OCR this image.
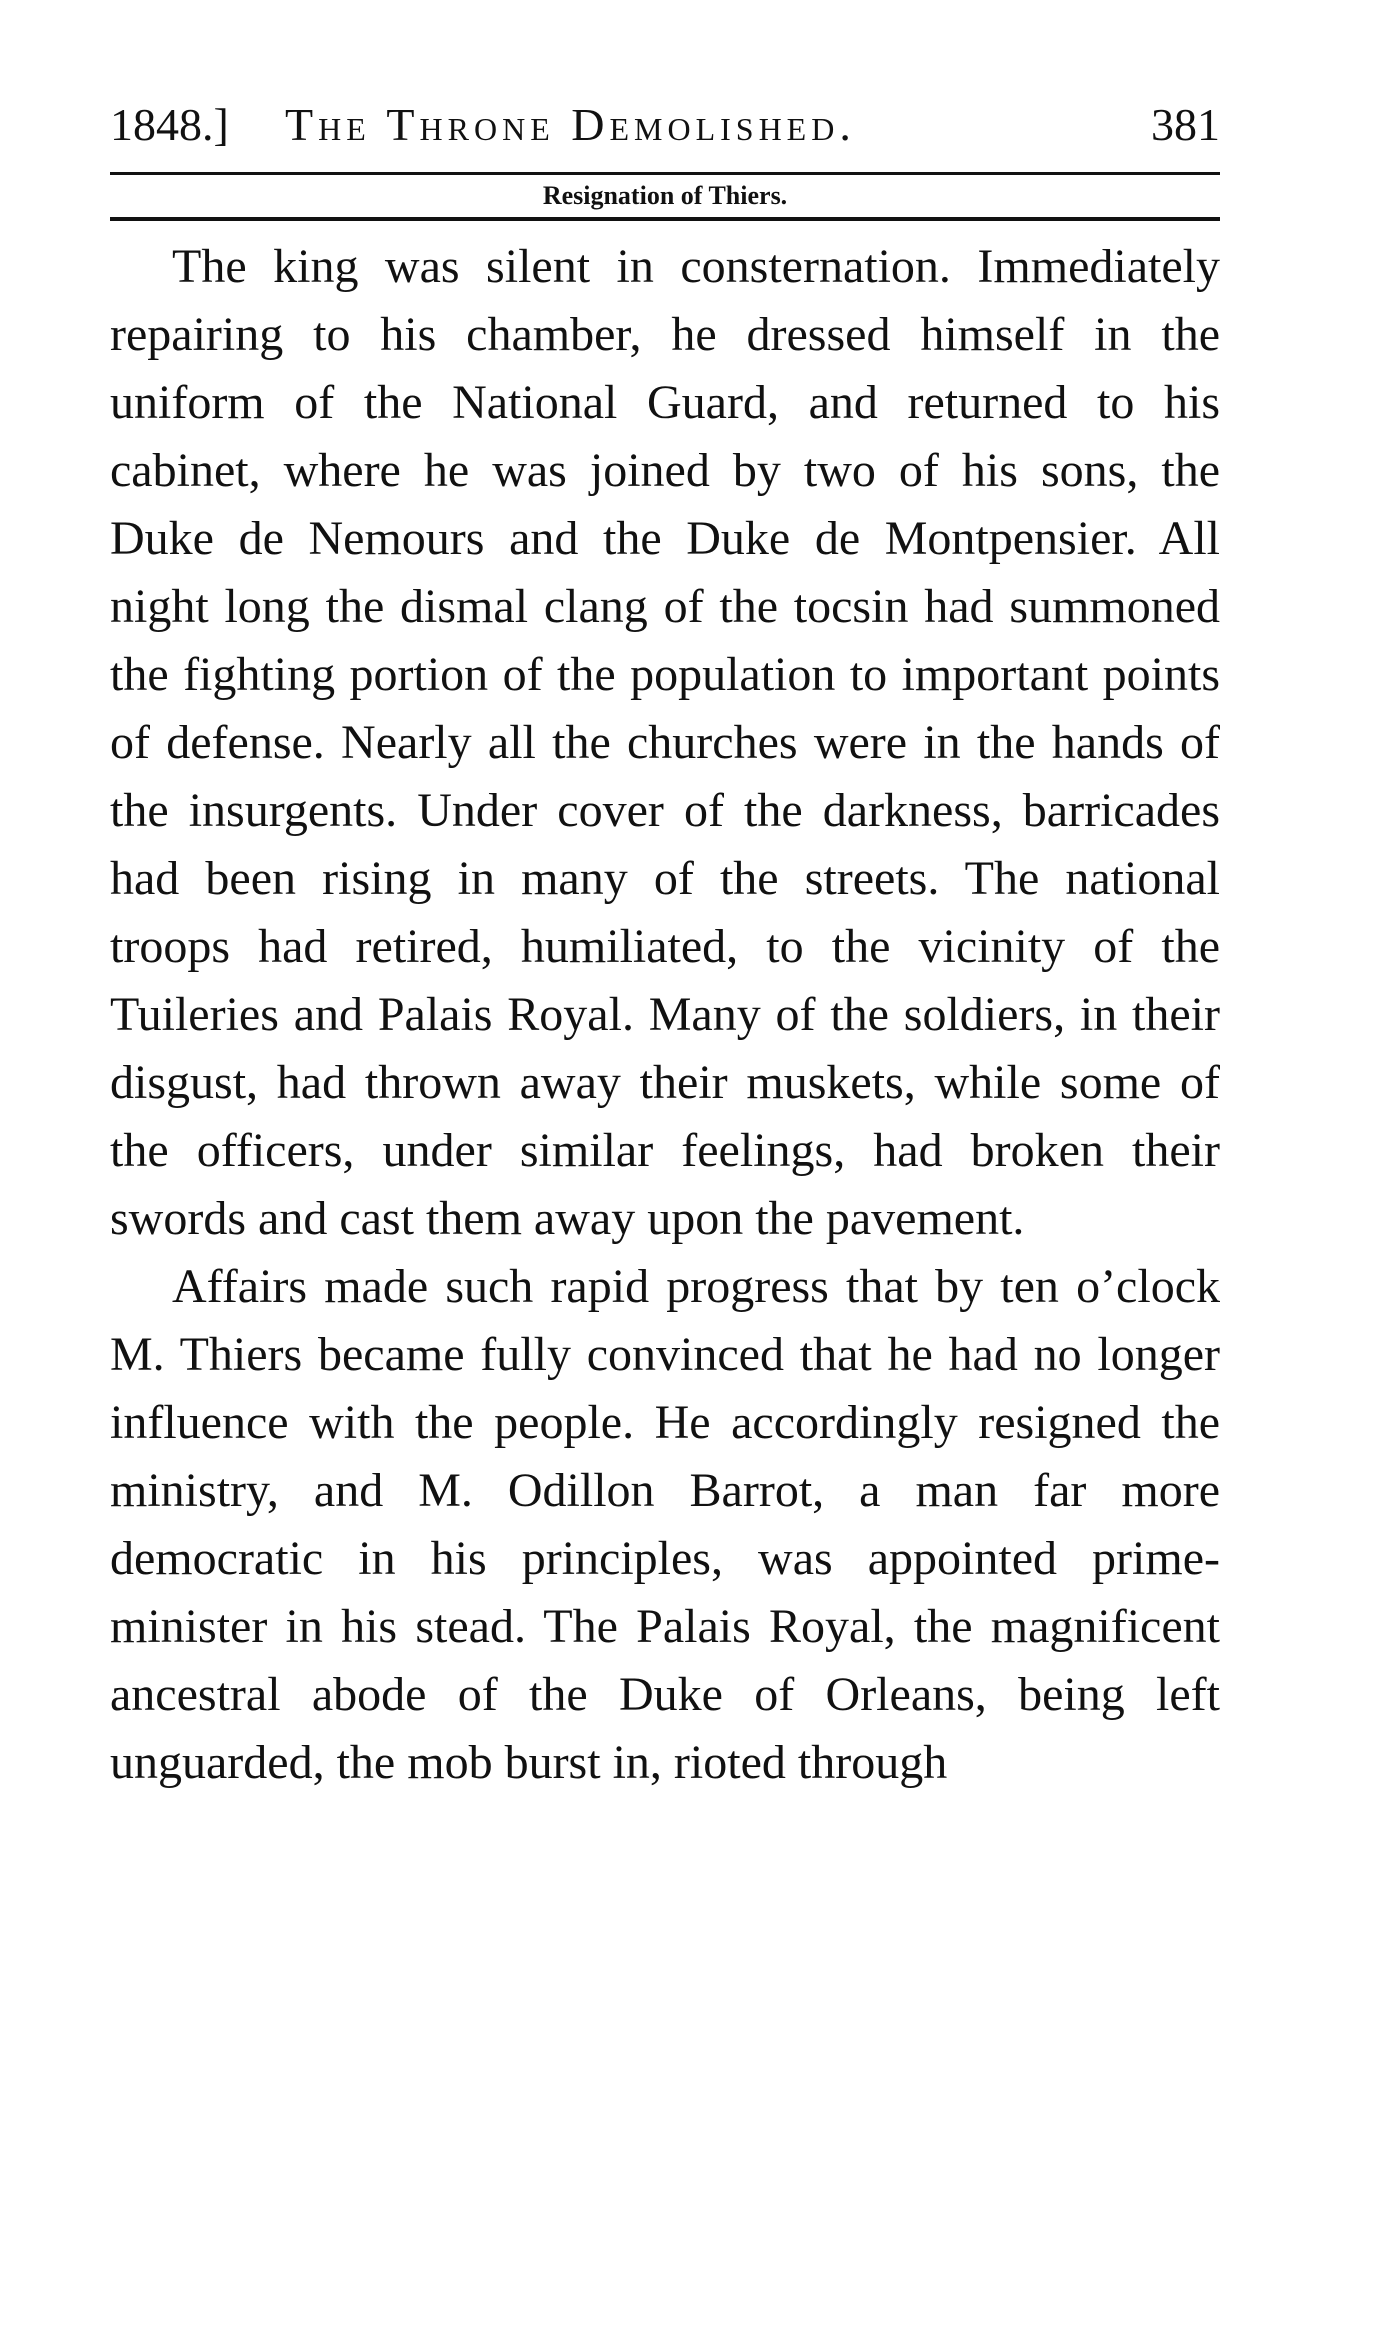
1848.] The Throne Demolished.	381
Resignation of Thiers.

The king was silent in consternation. Immediately repairing to his chamber, he dressed himself in the uniform of the National Guard, and returned to his cabinet, where he was joined by two of his sons, the Duke de Nemours and the Duke de Montpensier. All night long the dismal clang of the tocsin had summoned the fighting portion of the population to important points of defense. Nearly all the churches were in the hands of the insurgents. Under cover of the darkness, barricades had been rising in many of the streets. The national troops had retired, humiliated, to the vicinity of the Tuileries and Palais Royal. Many of the soldiers, in their disgust, had thrown away their muskets, while some of the officers, under similar feelings, had broken their swords and cast them away upon the pavement.

Affairs made such rapid progress that by ten o’clock M. Thiers became fully convinced that he had no longer influence with the people. He accordingly resigned the ministry, and M. Odillon Barrot, a man far more democratic in his principles, was appointed prime-minister in his stead. The Palais Royal, the magnificent ancestral abode of the Duke of Orleans, being left unguarded, the mob burst in, rioted through
